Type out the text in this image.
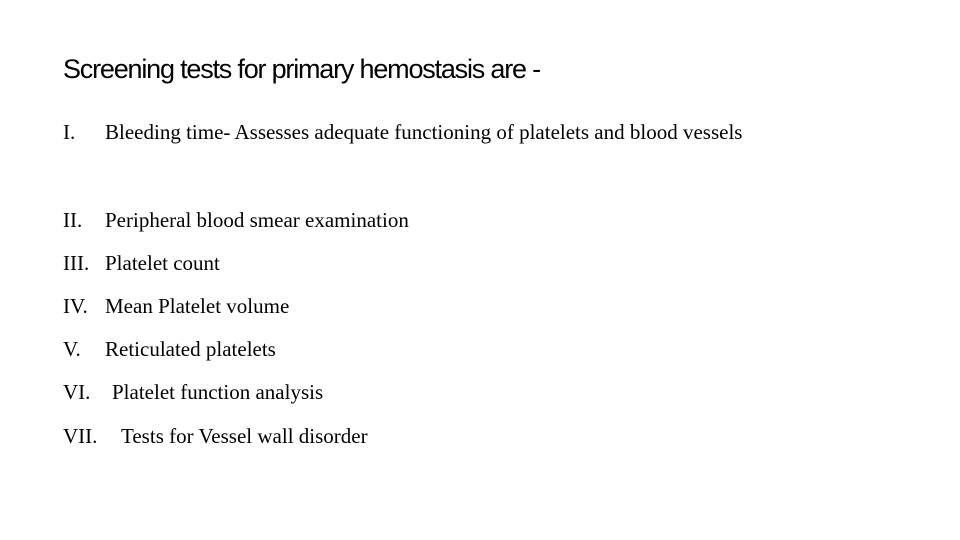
Screening tests for primary hemostasis are -
I. Bleeding time- Assesses adequate functioning of platelets and blood vessels
II. Peripheral blood smear examination
III. Platelet count
IV. Mean Platelet volume
V. Reticulated platelets
VI. Platelet function analysis
VII. Tests for Vessel wall disorder
